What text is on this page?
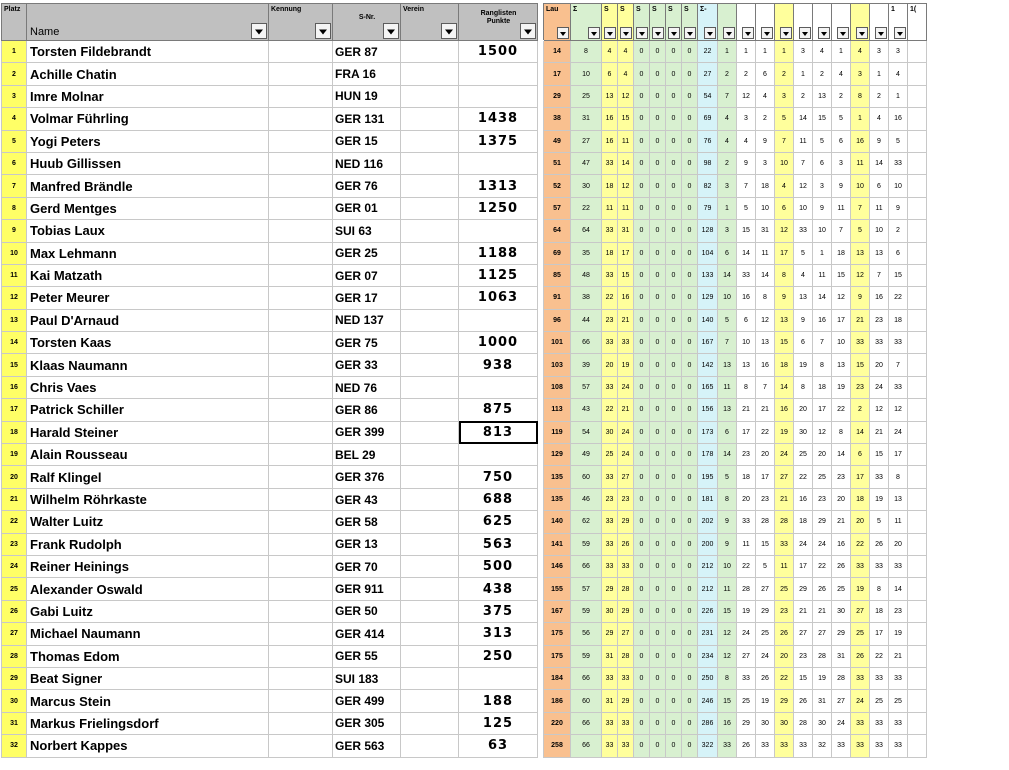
Platz	Name	Kennung	S-Nr.	Verein	Ranglisten Punkte		Lau	Σ	S	S	S	S	S	S	Σ-										1	1(

1	Torsten Fildebrandt		GER 87		1500		14	8	4	4	0	0	0	0	22	1	1	1	1	3	4	1	4	3	3	
2	Achille Chatin		FRA 16				17	10	6	4	0	0	0	0	27	2	2	6	2	1	2	4	3	1	4	
3	Imre Molnar		HUN 19				29	25	13	12	0	0	0	0	54	7	12	4	3	2	13	2	8	2	1	
4	Volmar Führling		GER 131		1438		38	31	16	15	0	0	0	0	69	4	3	2	5	14	15	5	1	4	16	
5	Yogi Peters		GER 15		1375		49	27	16	11	0	0	0	0	76	4	4	9	7	11	5	6	16	9	5	
6	Huub Gillissen		NED 116				51	47	33	14	0	0	0	0	98	2	9	3	10	7	6	3	11	14	33	
7	Manfred Brändle		GER 76		1313		52	30	18	12	0	0	0	0	82	3	7	18	4	12	3	9	10	6	10	
8	Gerd Mentges		GER 01		1250		57	22	11	11	0	0	0	0	79	1	5	10	6	10	9	11	7	11	9	
9	Tobias Laux		SUI 63				64	64	33	31	0	0	0	0	128	3	15	31	12	33	10	7	5	10	2	
10	Max Lehmann		GER 25		1188		69	35	18	17	0	0	0	0	104	6	14	11	17	5	1	18	13	13	6	
11	Kai Matzath		GER 07		1125		85	48	33	15	0	0	0	0	133	14	33	14	8	4	11	15	12	7	15	
12	Peter Meurer		GER 17		1063		91	38	22	16	0	0	0	0	129	10	16	8	9	13	14	12	9	16	22	
13	Paul D'Arnaud		NED 137				96	44	23	21	0	0	0	0	140	5	6	12	13	9	16	17	21	23	18	
14	Torsten Kaas		GER 75		1000		101	66	33	33	0	0	0	0	167	7	10	13	15	6	7	10	33	33	33	
15	Klaas Naumann		GER 33		938		103	39	20	19	0	0	0	0	142	13	13	16	18	19	8	13	15	20	7	
16	Chris Vaes		NED 76				108	57	33	24	0	0	0	0	165	11	8	7	14	8	18	19	23	24	33	
17	Patrick Schiller		GER 86		875		113	43	22	21	0	0	0	0	156	13	21	21	16	20	17	22	2	12	12	
18	Harald Steiner		GER 399		813		119	54	30	24	0	0	0	0	173	6	17	22	19	30	12	8	14	21	24	
19	Alain Rousseau		BEL 29				129	49	25	24	0	0	0	0	178	14	23	20	24	25	20	14	6	15	17	
20	Ralf Klingel		GER 376		750		135	60	33	27	0	0	0	0	195	5	18	17	27	22	25	23	17	33	8	
21	Wilhelm Röhrkaste		GER 43		688		135	46	23	23	0	0	0	0	181	8	20	23	21	16	23	20	18	19	13	
22	Walter Luitz		GER 58		625		140	62	33	29	0	0	0	0	202	9	33	28	28	18	29	21	20	5	11	
23	Frank Rudolph		GER 13		563		141	59	33	26	0	0	0	0	200	9	11	15	33	24	24	16	22	26	20	
24	Reiner Heinings		GER 70		500		146	66	33	33	0	0	0	0	212	10	22	5	11	17	22	26	33	33	33	
25	Alexander Oswald		GER 911		438		155	57	29	28	0	0	0	0	212	11	28	27	25	29	26	25	19	8	14	
26	Gabi Luitz		GER 50		375		167	59	30	29	0	0	0	0	226	15	19	29	23	21	21	30	27	18	23	
27	Michael Naumann		GER 414		313		175	56	29	27	0	0	0	0	231	12	24	25	26	27	27	29	25	17	19	
28	Thomas Edom		GER 55		250		175	59	31	28	0	0	0	0	234	12	27	24	20	23	28	31	26	22	21	
29	Beat Signer		SUI 183				184	66	33	33	0	0	0	0	250	8	33	26	22	15	19	28	33	33	33	
30	Marcus Stein		GER 499		188		186	60	31	29	0	0	0	0	246	15	25	19	29	26	31	27	24	25	25	
31	Markus Frielingsdorf		GER 305		125		220	66	33	33	0	0	0	0	286	16	29	30	30	28	30	24	33	33	33	
32	Norbert Kappes		GER 563		63		258	66	33	33	0	0	0	0	322	33	26	33	33	33	32	33	33	33	33	
